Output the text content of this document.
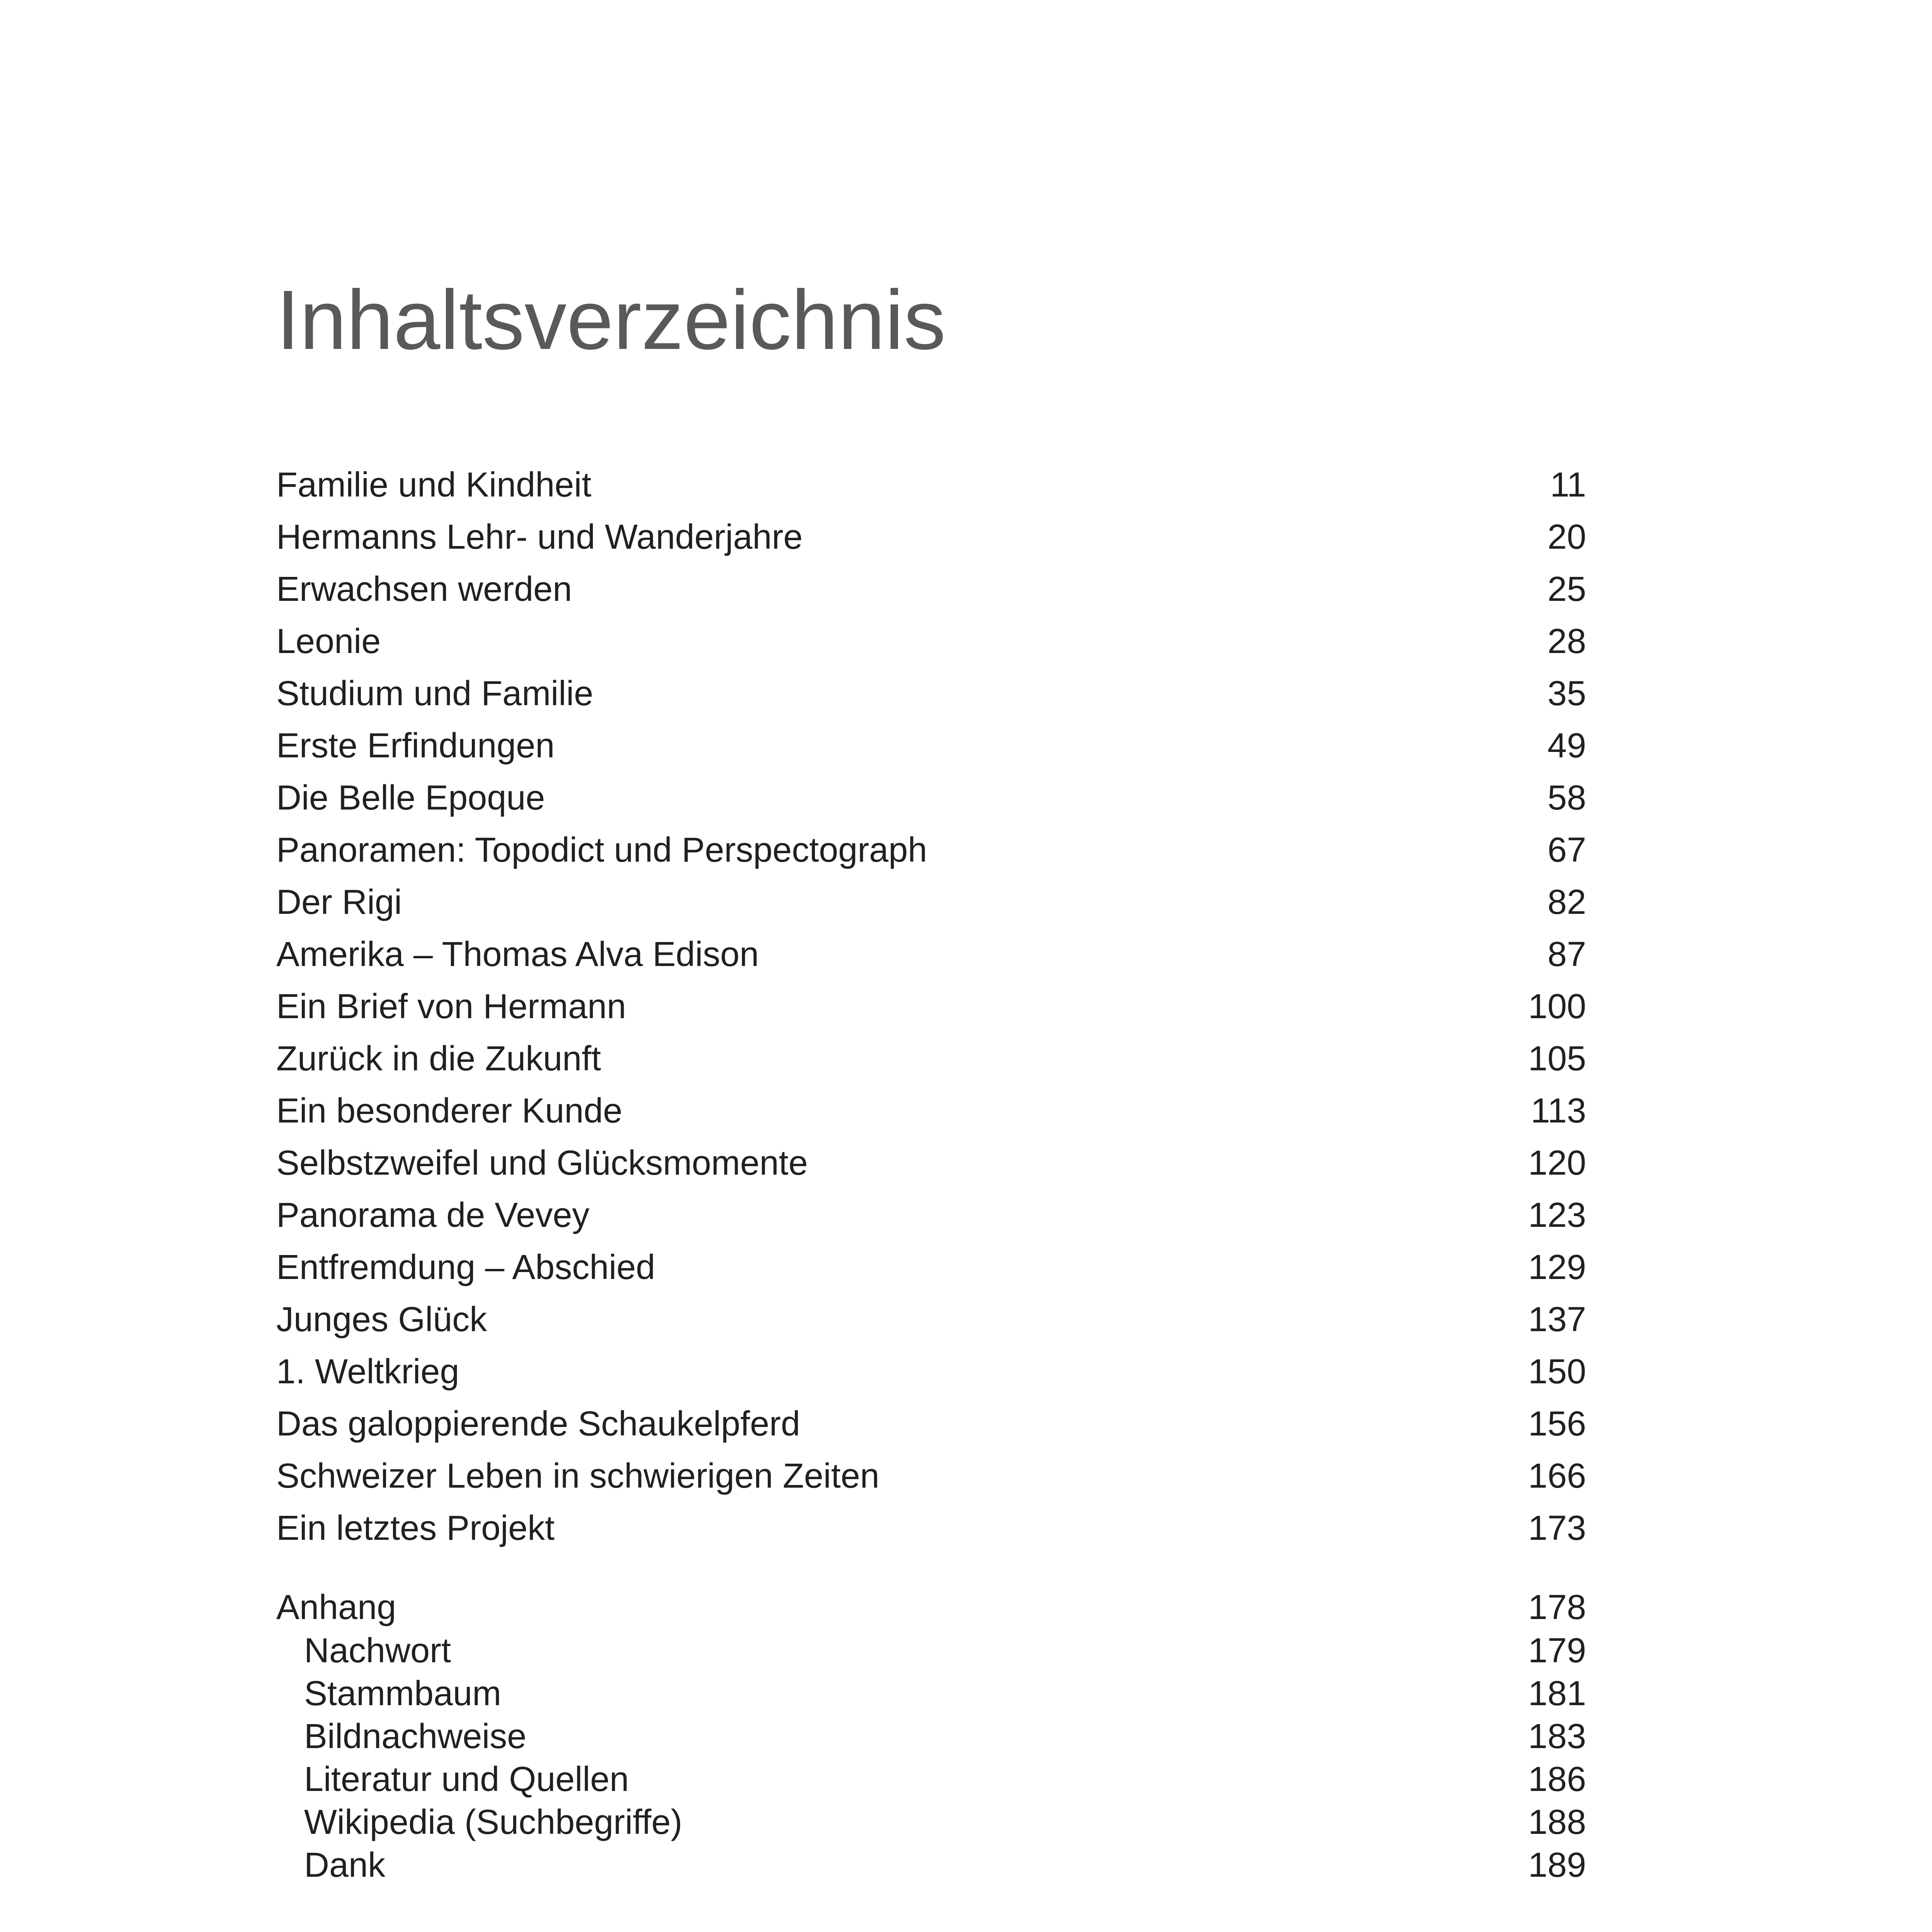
Inhaltsverzeichnis
Familie und Kindheit	11
Hermanns Lehr- und Wanderjahre	20
Erwachsen werden	25
Leonie	28
Studium und Familie	35
Erste Erfindungen	49
Die Belle Epoque	58
Panoramen: Topodict und Perspectograph	67
Der Rigi	82
Amerika – Thomas Alva Edison	87
Ein Brief von Hermann	100
Zurück in die Zukunft	105
Ein besonderer Kunde	113
Selbstzweifel und Glücksmomente	120
Panorama de Vevey	123
Entfremdung – Abschied	129
Junges Glück	137
1. Weltkrieg	150
Das galoppierende Schaukelpferd	156
Schweizer Leben in schwierigen Zeiten	166
Ein letztes Projekt	173
Anhang	178
Nachwort	179
Stammbaum	181
Bildnachweise	183
Literatur und Quellen	186
Wikipedia (Suchbegriffe)	188
Dank	189
